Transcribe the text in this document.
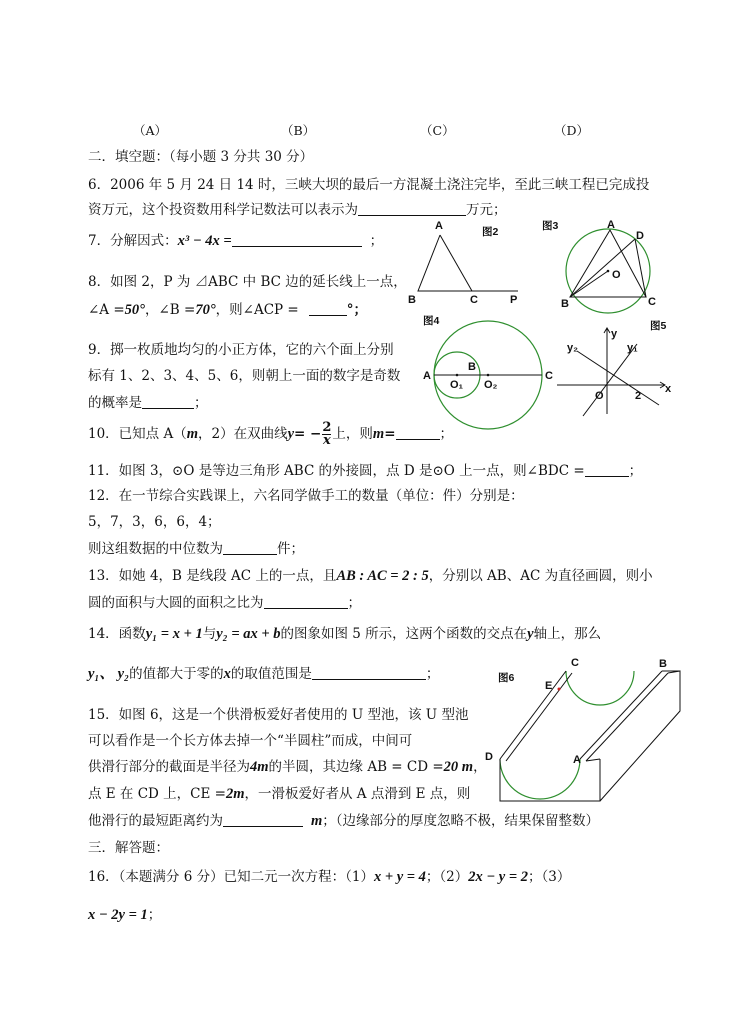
（A）	（B）	（C）	（D）
二．填空题：（每小题 3 分共 30 分）
6．2006 年 5 月 24 日 14 时，三峡大坝的最后一方混凝土浇注完毕，至此三峡工程已完成投
资万元，这个投资数用科学记数法可以表示为	万元；
7．分解因式：x³ − 4x =	；
8．如图 2，P 为 ⊿ABC 中 BC 边的延长线上一点，
∠A =50°，∠B =70°，则∠ACP =	°；
9．掷一枚质地均匀的小正方体，它的六个面上分别
标有 1、2、3、4、5、6，则朝上一面的数字是奇数
的概率是	；
10．已知点 A（m，2）在双曲线$y= - \frac{2}{x}$ 上，则m=	；
11．如图 3，⊙O 是等边三角形 ABC 的外接圆，点 D 是⊙O 上一点，则∠BDC =	；
12．在一节综合实践课上，六名同学做手工的数量（单位：件）分别是：
5，7，3，6，6，4；
则这组数据的中位数为	件；
13．如她 4，B 是线段 AC 上的一点，且AB : AC = 2 : 5，分别以 AB、AC 为直径画圆，则小
圆的面积与大圆的面积之比为	；
14．函数y₁ = x + 1与y₂ = ax + b的图象如图 5 所示，这两个函数的交点在y轴上，那么
y₁、 y₂的值都大于零的x的取值范围是	；
15．如图 6，这是一个供滑板爱好者使用的 U 型池，该 U 型池
可以看作是一个长方体去掉一个“半圆柱”而成，中间可
供滑行部分的截面是半径为4m的半圆，其边缘 AB = CD =20 m，
点 E 在 CD 上，CE =2m，一滑板爱好者从 A 点滑到 E 点，则
他滑行的最短距离约为	m；（边缘部分的厚度忽略不极，结果保留整数）
三．解答题：
16．（本题满分 6 分）已知二元一次方程：（1）x + y = 4；（2）2x − y = 2；（3）
x − 2y = 1；
A
B	C	P
图2
A
D
O
B	C
图3
A
B
O₁ O₂
C
图4
y
y₂	y₁
x
O	2
图5
C	B
E
D	A
图6
